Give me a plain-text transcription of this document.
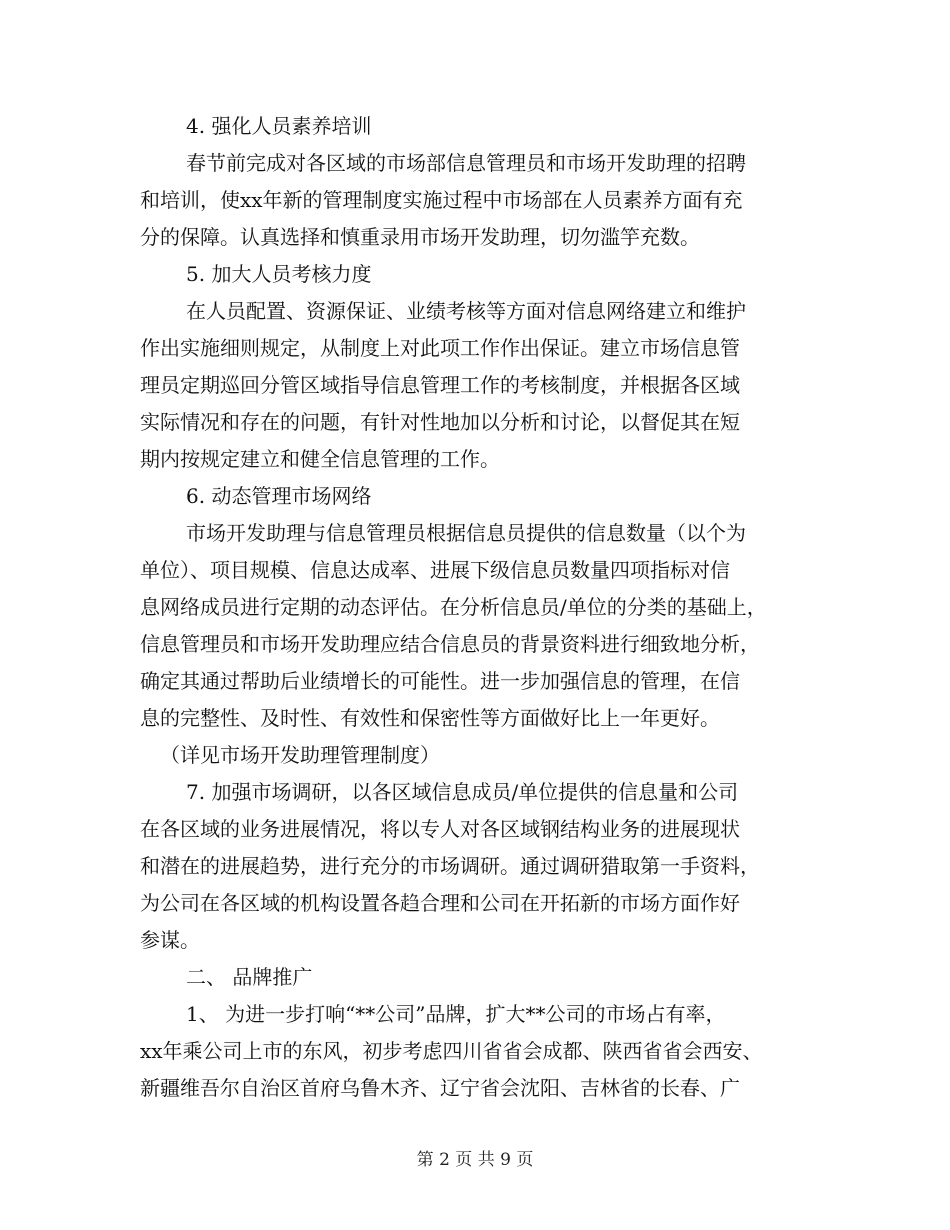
4. 强化人员素养培训
春节前完成对各区域的市场部信息管理员和市场开发助理的招聘
和培训，使xx年新的管理制度实施过程中市场部在人员素养方面有充
分的保障。认真选择和慎重录用市场开发助理，切勿滥竽充数。
5. 加大人员考核力度
在人员配置、资源保证、业绩考核等方面对信息网络建立和维护
作出实施细则规定，从制度上对此项工作作出保证。建立市场信息管
理员定期巡回分管区域指导信息管理工作的考核制度，并根据各区域
实际情况和存在的问题，有针对性地加以分析和讨论，以督促其在短
期内按规定建立和健全信息管理的工作。
6. 动态管理市场网络
市场开发助理与信息管理员根据信息员提供的信息数量（以个为
单位）、项目规模、信息达成率、进展下级信息员数量四项指标对信
息网络成员进行定期的动态评估。在分析信息员/单位的分类的基础上，
信息管理员和市场开发助理应结合信息员的背景资料进行细致地分析，
确定其通过帮助后业绩增长的可能性。进一步加强信息的管理，在信
息的完整性、及时性、有效性和保密性等方面做好比上一年更好。
（详见市场开发助理管理制度）
7. 加强市场调研，以各区域信息成员/单位提供的信息量和公司
在各区域的业务进展情况，将以专人对各区域钢结构业务的进展现状
和潜在的进展趋势，进行充分的市场调研。通过调研猎取第一手资料，
为公司在各区域的机构设置各趋合理和公司在开拓新的市场方面作好
参谋。
二、 品牌推广
1、 为进一步打响“**公司”品牌，扩大**公司的市场占有率，
xx年乘公司上市的东风，初步考虑四川省省会成都、陕西省省会西安、
新疆维吾尔自治区首府乌鲁木齐、辽宁省会沈阳、吉林省的长春、广
第 2 页 共 9 页
